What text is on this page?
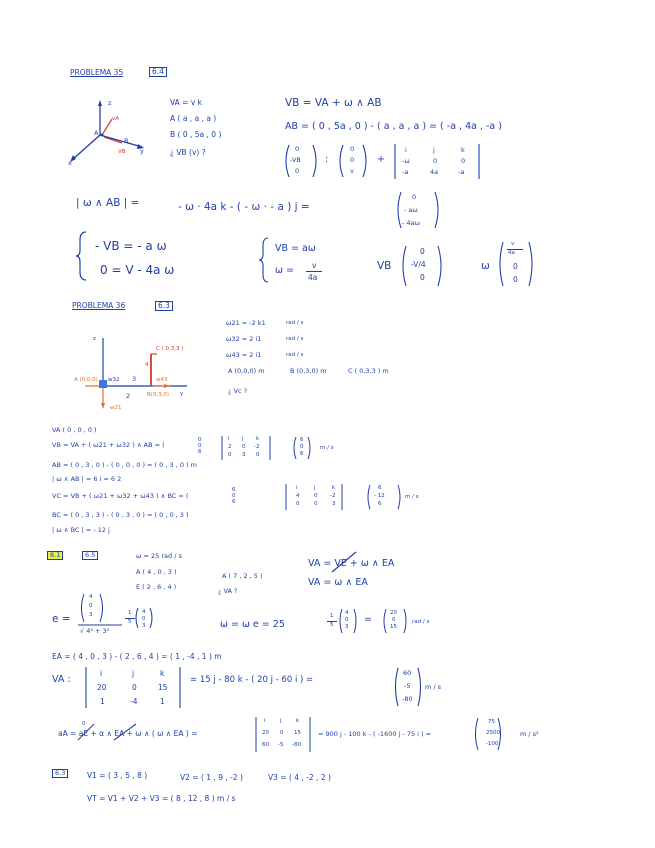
PROBLEMA 35	6.4
z
y
x
A
B
vA
VB
VA = v k
A ( a , a , a )
B ( 0 , 5a , 0 )
¿ VB (v) ?
VB = VA + ω ∧ AB
AB = ( 0 , 5a , 0 ) - ( a , a , a ) = ( -a , 4a , -a )
0
-VB
0
:
0
0
v
+
i	j	k
-ω	0	0
-a	4a	-a
| ω ∧ AB | =	- ω · 4a k - ( - ω · - a ) j =
0
- aω
- 4aω
- VB = - a ω
0 = V - 4a ω
VB = aω
ω = v
4a
VB
0
-V/4
0
ω
v
4a
0
0
PROBLEMA 36	6.3
z
y
A (0,0,0) w32 3	w43
B(0,3,0)
C ( 0,3,3 )
4
2
w21
ω21 = -2 k1	rad / s
ω32 = 2 i1	rad / s
ω43 = 2 i1	rad / s
A (0,0,0) m	B (0,3,0) m	C ( 0,3,3 ) m
¿ Vc ?
VA ( 0 , 0 , 0 )
VB = VA + ( ω21 + ω32 ) ∧ AB = (
0
0
6
i j k
2 0 -2
0 3 0
6
0
6
m / s
AB = ( 0 , 3 , 0 ) - ( 0 , 0 , 0 ) = ( 0 , 3 , 0 ) m
| ω ∧ AB | = 6 i = 6 2
VC = VB + ( ω21 + ω32 + ω43 ) ∧ BC = (
6
0
6
i	j	k
4	0 -2
0	0	3
6
- 12
6
m / s
BC = ( 0 , 3 , 3 ) - ( 0 , 3 , 0 ) = ( 0 , 0 , 3 )
| ω ∧ BC | = - 12 j
6.1	6.5	ω = 25 rad / s
A ( 4 , 0 , 3 )
E ( 2 , 6 , 4 )
A ( 7 , 2 , 5 )
¿ VA ?
VA = VE + ω ∧ EA
VA = ω ∧ EA
e =
4
0
3
√ 4² + 3²
1
5
4
0
3	ω = ω e = 25
1
5
4
0
3
=
20
0
15
rad / s
EA = ( 4 , 0 , 3 ) - ( 2 , 6 , 4 ) = ( 1 , -4 , 1 ) m
VA :
i	j	k
20	0	15
1	-4	1
= 15 j - 80 k - ( 20 j - 60 i ) =
60
-5
-80
m / s
aA = aE + α ∧ EA + ω ∧ ( ω ∧ EA ) =
0	i	j	k
20 0 15
60 -5 -80
= 900 j - 100 k - ( -1600 j - 75 i ) =
75
2500
-100
m / s²
6.3	V1 = ( 3 , 5 , 8 )	V2 = ( 1 , 9 , -2 )	V3 = ( 4 , -2 , 2 )
VT = V1 + V2 + V3 = ( 8 , 12 , 8 ) m / s
